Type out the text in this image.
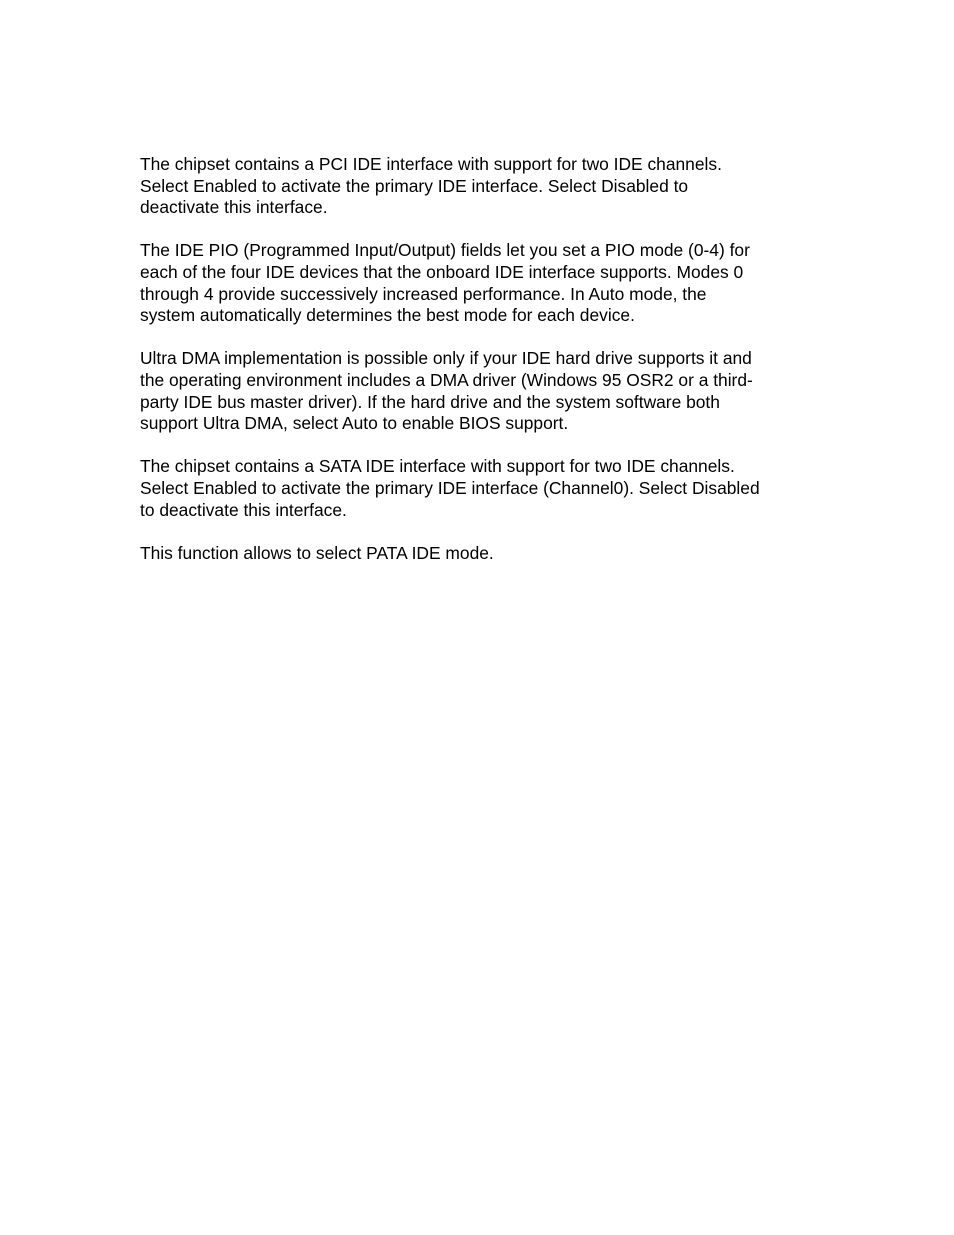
The chipset contains a PCI IDE interface with support for two IDE channels.
Select Enabled to activate the primary IDE interface. Select Disabled to
deactivate this interface.

The IDE PIO (Programmed Input/Output) fields let you set a PIO mode (0-4) for
each of the four IDE devices that the onboard IDE interface supports. Modes 0
through 4 provide successively increased performance. In Auto mode, the
system automatically determines the best mode for each device.

Ultra DMA implementation is possible only if your IDE hard drive supports it and
the operating environment includes a DMA driver (Windows 95 OSR2 or a third-
party IDE bus master driver). If the hard drive and the system software both
support Ultra DMA, select Auto to enable BIOS support.

The chipset contains a SATA IDE interface with support for two IDE channels.
Select Enabled to activate the primary IDE interface (Channel0). Select Disabled
to deactivate this interface.

This function allows to select PATA IDE mode.
